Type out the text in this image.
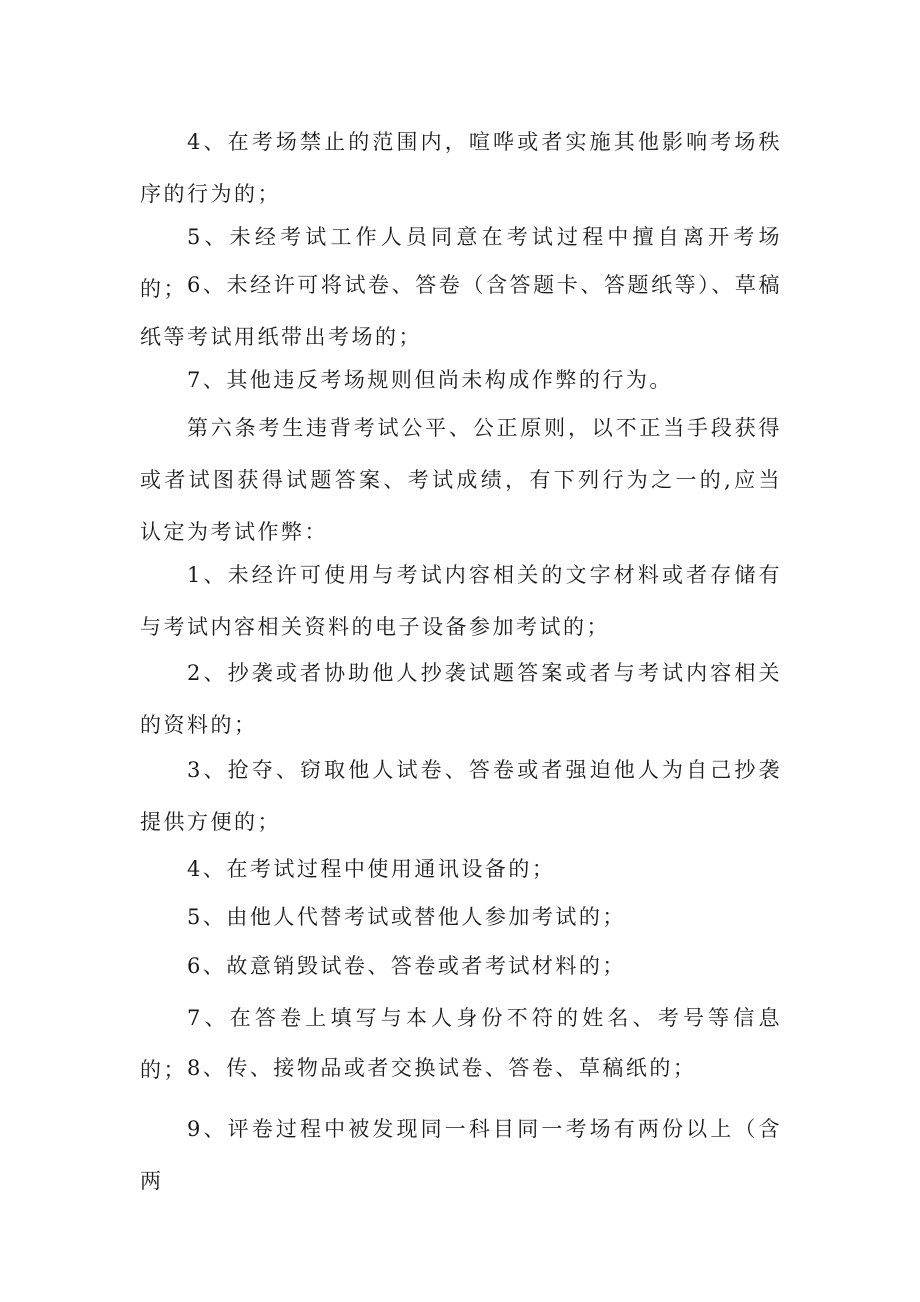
4、在考场禁止的范围内，喧哗或者实施其他影响考场秩序的行为的；

5、未经考试工作人员同意在考试过程中擅自离开考场的； 6、未经许可将试卷、答卷（含答题卡、答题纸等）、草稿纸等考试用纸带出考场的；

7、其他违反考场规则但尚未构成作弊的行为。

第六条考生违背考试公平、公正原则，以不正当手段获得或者试图获得试题答案、考试成绩，有下列行为之一的,应当认定为考试作弊：

1、未经许可使用与考试内容相关的文字材料或者存储有与考试内容相关资料的电子设备参加考试的；

2、抄袭或者协助他人抄袭试题答案或者与考试内容相关的资料的；

3、抢夺、窃取他人试卷、答卷或者强迫他人为自己抄袭提供方便的；

4、在考试过程中使用通讯设备的；

5、由他人代替考试或替他人参加考试的；

6、故意销毁试卷、答卷或者考试材料的；

7、在答卷上填写与本人身份不符的姓名、考号等信息的； 8、传、接物品或者交换试卷、答卷、草稿纸的；

9、评卷过程中被发现同一科目同一考场有两份以上（含两
